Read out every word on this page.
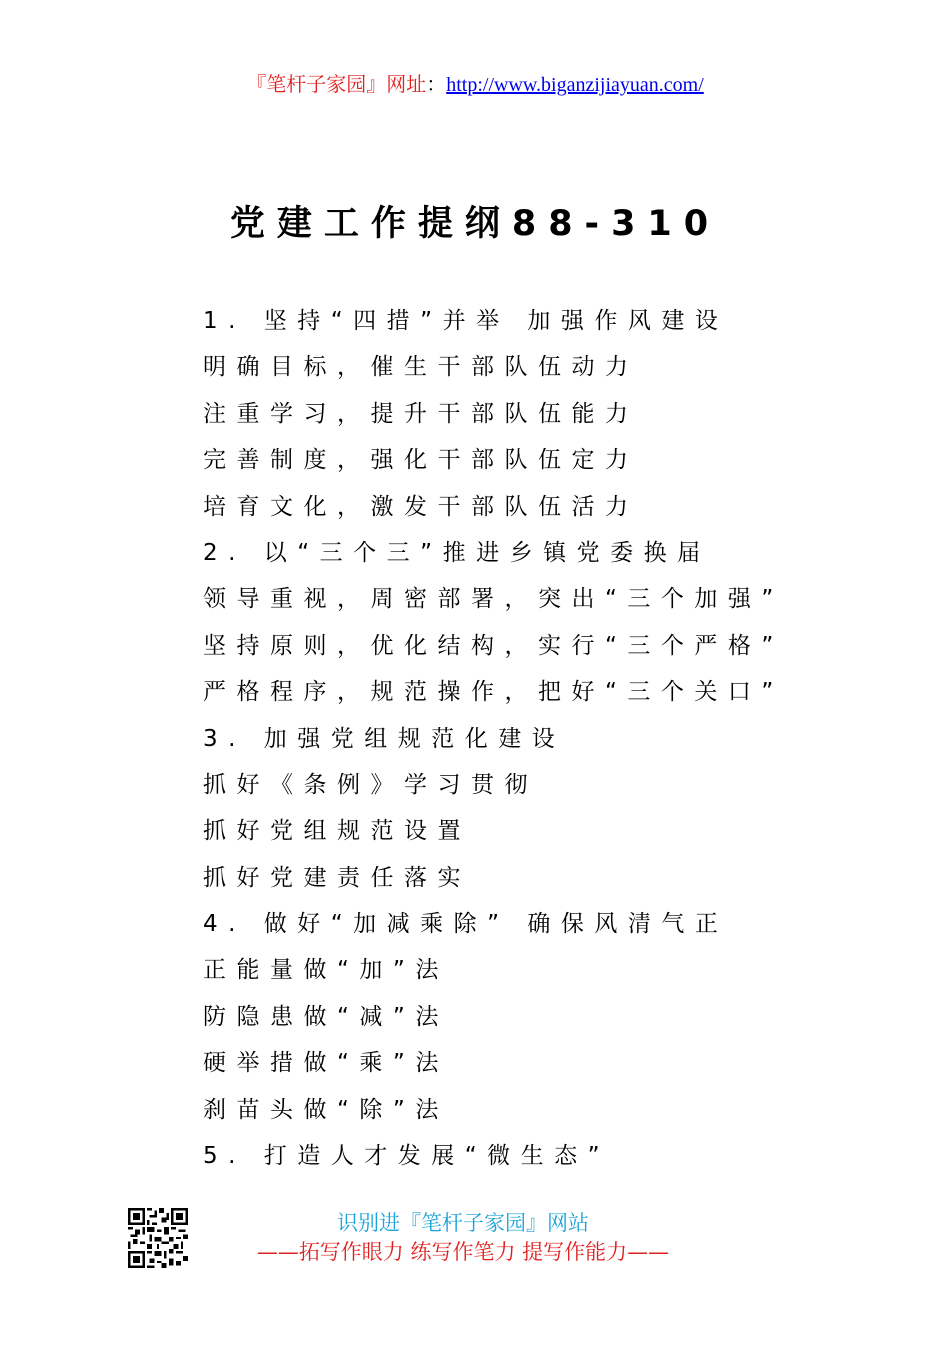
『笔杆子家园』网址：http://www.biganzijiayuan.com/
党建工作提纲88-310
1. 坚持“四措”并举 加强作风建设
明确目标，催生干部队伍动力
注重学习，提升干部队伍能力
完善制度，强化干部队伍定力
培育文化，激发干部队伍活力
2. 以“三个三”推进乡镇党委换届
领导重视，周密部署，突出“三个加强”
坚持原则，优化结构，实行“三个严格”
严格程序，规范操作，把好“三个关口”
3. 加强党组规范化建设
抓好《条例》学习贯彻
抓好党组规范设置
抓好党建责任落实
4. 做好“加减乘除” 确保风清气正
正能量做“加”法
防隐患做“减”法
硬举措做“乘”法
刹苗头做“除”法
5. 打造人才发展“微生态”
识别进『笔杆子家园』网站
——拓写作眼力 练写作笔力 提写作能力——
